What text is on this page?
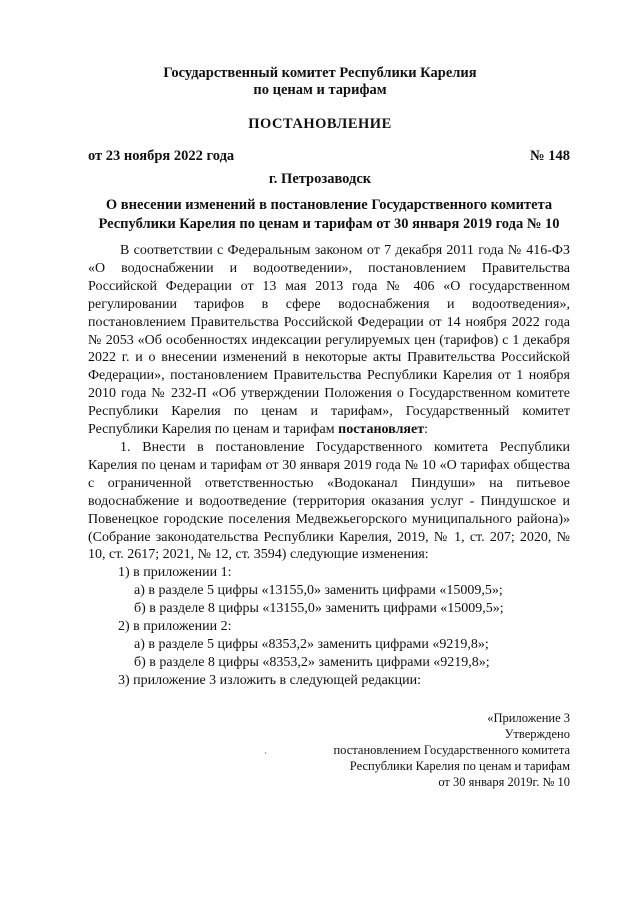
Государственный комитет Республики Карелия
по ценам и тарифам
ПОСТАНОВЛЕНИЕ
от 23 ноября 2022 года	№ 148
г. Петрозаводск
О внесении изменений в постановление Государственного комитета
Республики Карелия по ценам и тарифам от 30 января 2019 года № 10

В соответствии с Федеральным законом от 7 декабря 2011 года № 416-ФЗ «О водоснабжении и водоотведении», постановлением Правительства Российской Федерации от 13 мая 2013 года № 406 «О государственном регулировании тарифов в сфере водоснабжения и водоотведения», постановлением Правительства Российской Федерации от 14 ноября 2022 года № 2053 «Об особенностях индексации регулируемых цен (тарифов) с 1 декабря 2022 г. и о внесении изменений в некоторые акты Правительства Российской Федерации», постановлением Правительства Республики Карелия от 1 ноября 2010 года № 232-П «Об утверждении Положения о Государственном комитете Республики Карелия по ценам и тарифам», Государственный комитет Республики Карелия по ценам и тарифам постановляет:

1. Внести в постановление Государственного комитета Республики Карелия по ценам и тарифам от 30 января 2019 года № 10 «О тарифах общества с ограниченной ответственностью «Водоканал Пиндуши» на питьевое водоснабжение и водоотведение (территория оказания услуг - Пиндушское и Повенецкое городские поселения Медвежьегорского муниципального района)» (Собрание законодательства Республики Карелия, 2019, № 1, ст. 207; 2020, № 10, ст. 2617; 2021, № 12, ст. 3594) следующие изменения:

1) в приложении 1:

а) в разделе 5 цифры «13155,0» заменить цифрами «15009,5»;

б) в разделе 8 цифры «13155,0» заменить цифрами «15009,5»;

2) в приложении 2:

а) в разделе 5 цифры «8353,2» заменить цифрами «9219,8»;

б) в разделе 8 цифры «8353,2» заменить цифрами «9219,8»;

3) приложение 3 изложить в следующей редакции:

`
«Приложение 3
Утверждено
постановлением Государственного комитета
Республики Карелия по ценам и тарифам
от 30 января 2019г. № 10
